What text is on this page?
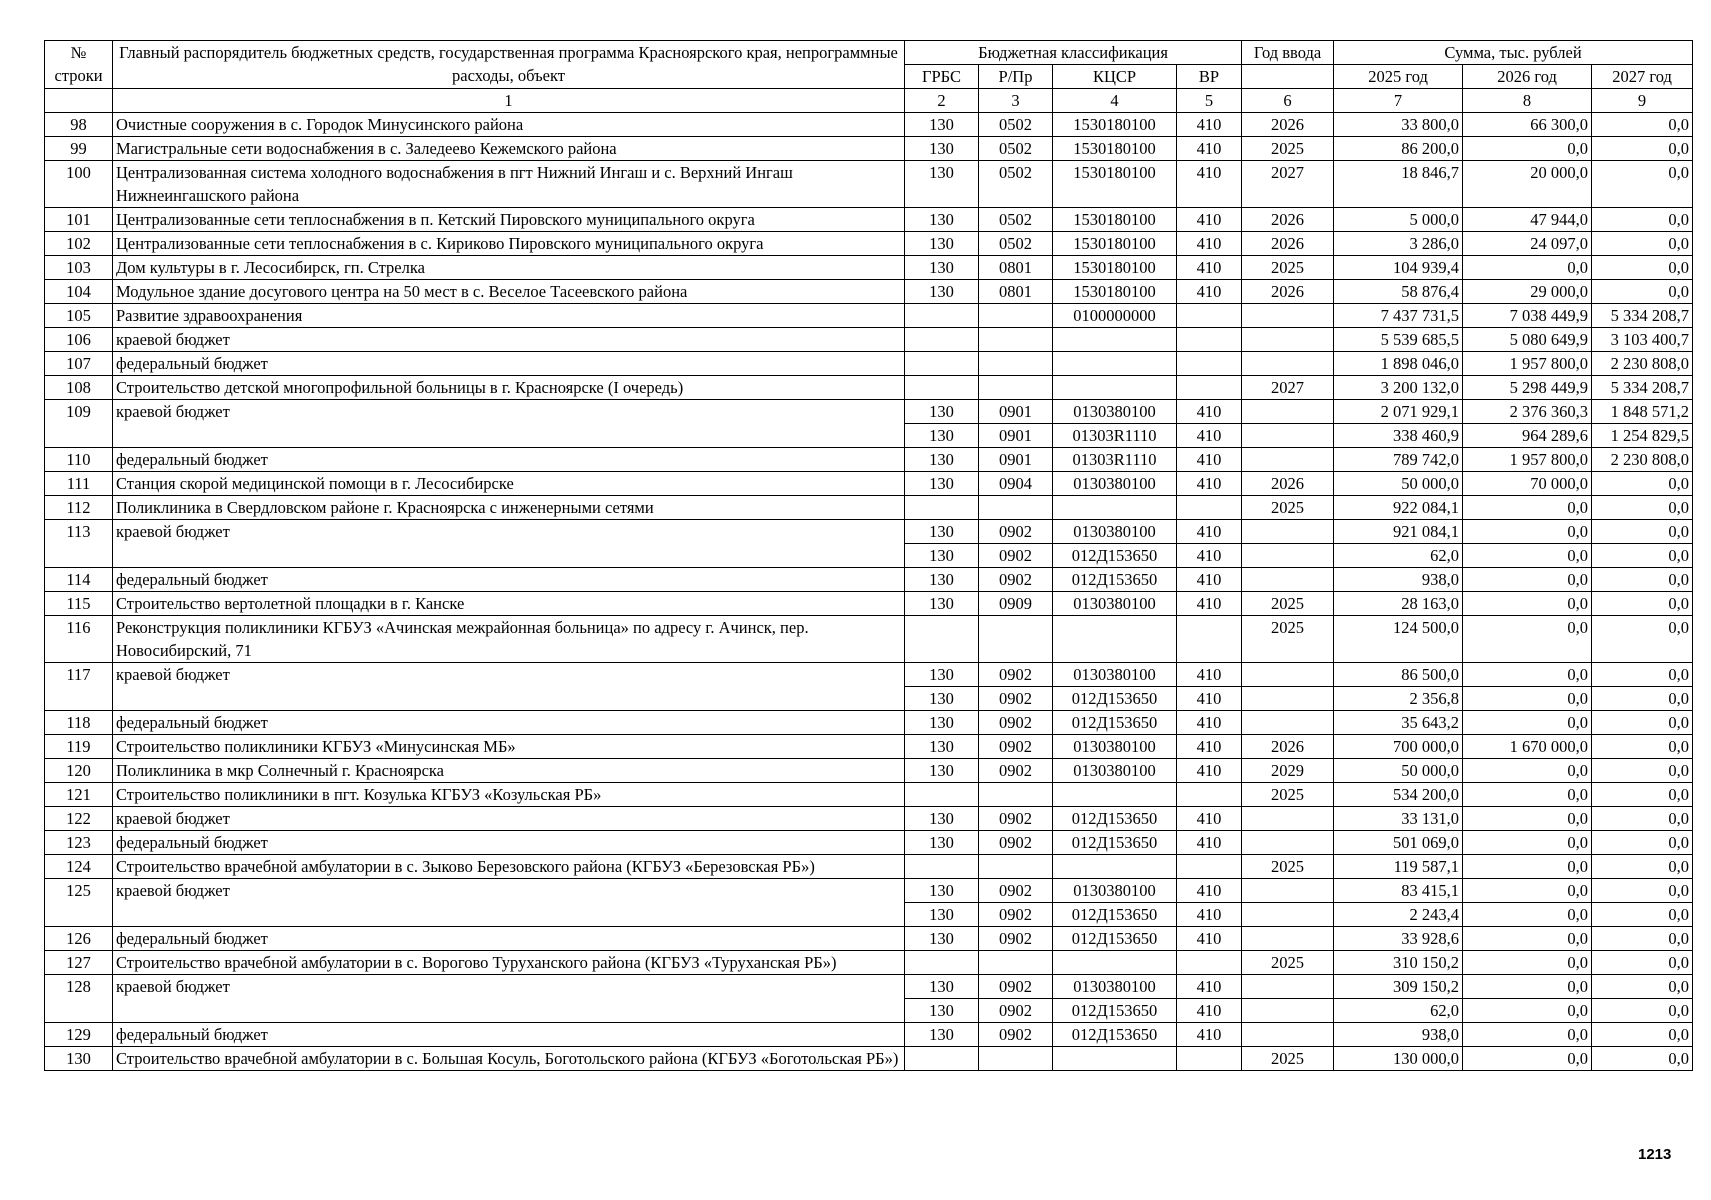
№ строки	Главный распорядитель бюджетных средств, государственная программа Красноярского края, непрограммные расходы, объект	Бюджетная классификация				Год ввода	Сумма, тыс. рублей		
		ГРБС	Р/Пр	КЦСР	ВР		2025 год	2026 год	2027 год
	1	2	3	4	5	6	7	8	9
98	Очистные сооружения в с. Городок Минусинского района	130	0502	1530180100	410	2026	33 800,0	66 300,0	0,0
99	Магистральные сети водоснабжения в с. Заледеево Кежемского района	130	0502	1530180100	410	2025	86 200,0	0,0	0,0
100	Централизованная система холодного водоснабжения в пгт Нижний Ингаш и с. Верхний Ингаш Нижнеингашского района	130	0502	1530180100	410	2027	18 846,7	20 000,0	0,0
101	Централизованные сети теплоснабжения в п. Кетский Пировского муниципального округа	130	0502	1530180100	410	2026	5 000,0	47 944,0	0,0
102	Централизованные сети теплоснабжения в с. Кириково Пировского муниципального округа	130	0502	1530180100	410	2026	3 286,0	24 097,0	0,0
103	Дом культуры в г. Лесосибирск, гп. Стрелка	130	0801	1530180100	410	2025	104 939,4	0,0	0,0
104	Модульное здание досугового центра на 50 мест в с. Веселое Тасеевского района	130	0801	1530180100	410	2026	58 876,4	29 000,0	0,0
105	Развитие здравоохранения			0100000000			7 437 731,5	7 038 449,9	5 334 208,7
106	краевой бюджет						5 539 685,5	5 080 649,9	3 103 400,7
107	федеральный бюджет						1 898 046,0	1 957 800,0	2 230 808,0
108	Строительство детской многопрофильной больницы в г. Красноярске (I очередь)					2027	3 200 132,0	5 298 449,9	5 334 208,7
109	краевой бюджет	130	0901	0130380100	410		2 071 929,1	2 376 360,3	1 848 571,2
		130	0901	01303R1110	410		338 460,9	964 289,6	1 254 829,5
110	федеральный бюджет	130	0901	01303R1110	410		789 742,0	1 957 800,0	2 230 808,0
111	Станция скорой медицинской помощи в г. Лесосибирске	130	0904	0130380100	410	2026	50 000,0	70 000,0	0,0
112	Поликлиника в Свердловском районе г. Красноярска с инженерными сетями					2025	922 084,1	0,0	0,0
113	краевой бюджет	130	0902	0130380100	410		921 084,1	0,0	0,0
		130	0902	012Д153650	410		62,0	0,0	0,0
114	федеральный бюджет	130	0902	012Д153650	410		938,0	0,0	0,0
115	Строительство вертолетной площадки в г. Канске	130	0909	0130380100	410	2025	28 163,0	0,0	0,0
116	Реконструкция поликлиники КГБУЗ «Ачинская межрайонная больница» по адресу г. Ачинск, пер. Новосибирский, 71					2025	124 500,0	0,0	0,0
117	краевой бюджет	130	0902	0130380100	410		86 500,0	0,0	0,0
		130	0902	012Д153650	410		2 356,8	0,0	0,0
118	федеральный бюджет	130	0902	012Д153650	410		35 643,2	0,0	0,0
119	Строительство поликлиники КГБУЗ «Минусинская МБ»	130	0902	0130380100	410	2026	700 000,0	1 670 000,0	0,0
120	Поликлиника в мкр Солнечный г. Красноярска	130	0902	0130380100	410	2029	50 000,0	0,0	0,0
121	Строительство поликлиники в пгт. Козулька КГБУЗ «Козульская РБ»					2025	534 200,0	0,0	0,0
122	краевой бюджет	130	0902	012Д153650	410		33 131,0	0,0	0,0
123	федеральный бюджет	130	0902	012Д153650	410		501 069,0	0,0	0,0
124	Строительство врачебной амбулатории в с. Зыково Березовского района (КГБУЗ «Березовская РБ»)					2025	119 587,1	0,0	0,0
125	краевой бюджет	130	0902	0130380100	410		83 415,1	0,0	0,0
		130	0902	012Д153650	410		2 243,4	0,0	0,0
126	федеральный бюджет	130	0902	012Д153650	410		33 928,6	0,0	0,0
127	Строительство врачебной амбулатории в с. Ворогово Туруханского района (КГБУЗ «Туруханская РБ»)					2025	310 150,2	0,0	0,0
128	краевой бюджет	130	0902	0130380100	410		309 150,2	0,0	0,0
		130	0902	012Д153650	410		62,0	0,0	0,0
129	федеральный бюджет	130	0902	012Д153650	410		938,0	0,0	0,0
130	Строительство врачебной амбулатории в с. Большая Косуль, Боготольского района (КГБУЗ «Боготольская РБ»)					2025	130 000,0	0,0	0,0
1213
